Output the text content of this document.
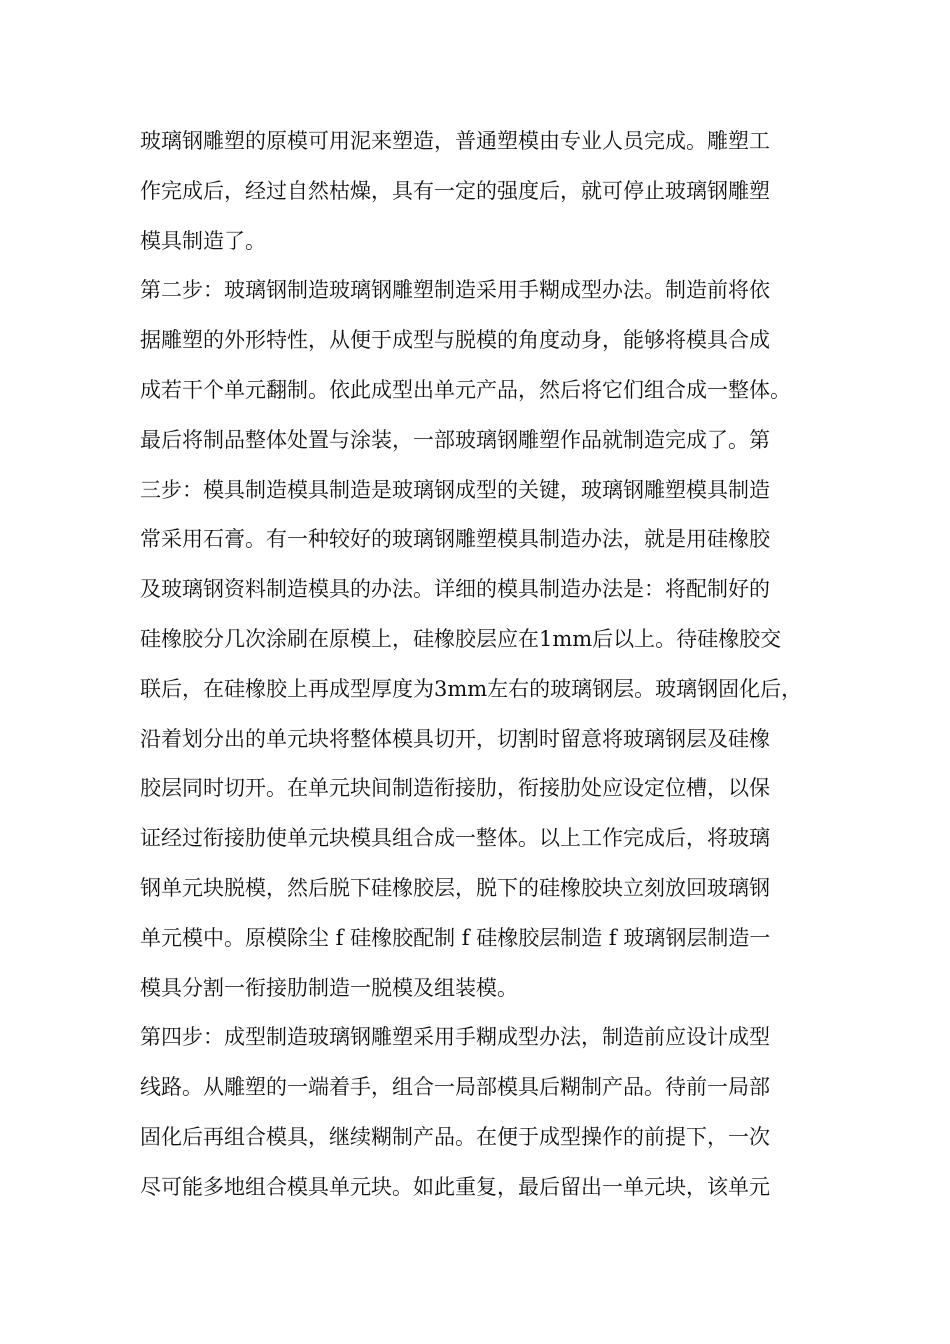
玻璃钢雕塑的原模可用泥来塑造，普通塑模由专业人员完成。雕塑工
作完成后，经过自然枯燥，具有一定的强度后，就可停止玻璃钢雕塑
模具制造了。
第二步：玻璃钢制造玻璃钢雕塑制造采用手糊成型办法。制造前将依
据雕塑的外形特性，从便于成型与脱模的角度动身，能够将模具合成
成若干个单元翻制。依此成型出单元产品，然后将它们组合成一整体。
最后将制品整体处置与涂装，一部玻璃钢雕塑作品就制造完成了。第
三步：模具制造模具制造是玻璃钢成型的关键，玻璃钢雕塑模具制造
常采用石膏。有一种较好的玻璃钢雕塑模具制造办法，就是用硅橡胶
及玻璃钢资料制造模具的办法。详细的模具制造办法是：将配制好的
硅橡胶分几次涂刷在原模上，硅橡胶层应在1mm后以上。待硅橡胶交
联后，在硅橡胶上再成型厚度为3mm左右的玻璃钢层。玻璃钢固化后，
沿着划分出的单元块将整体模具切开，切割时留意将玻璃钢层及硅橡
胶层同时切开。在单元块间制造衔接肋，衔接肋处应设定位槽，以保
证经过衔接肋使单元块模具组合成一整体。以上工作完成后，将玻璃
钢单元块脱模，然后脱下硅橡胶层，脱下的硅橡胶块立刻放回玻璃钢
单元模中。原模除尘 f 硅橡胶配制 f 硅橡胶层制造 f 玻璃钢层制造一
模具分割一衔接肋制造一脱模及组装模。
第四步：成型制造玻璃钢雕塑采用手糊成型办法，制造前应设计成型
线路。从雕塑的一端着手，组合一局部模具后糊制产品。待前一局部
固化后再组合模具，继续糊制产品。在便于成型操作的前提下，一次
尽可能多地组合模具单元块。如此重复，最后留出一单元块，该单元
